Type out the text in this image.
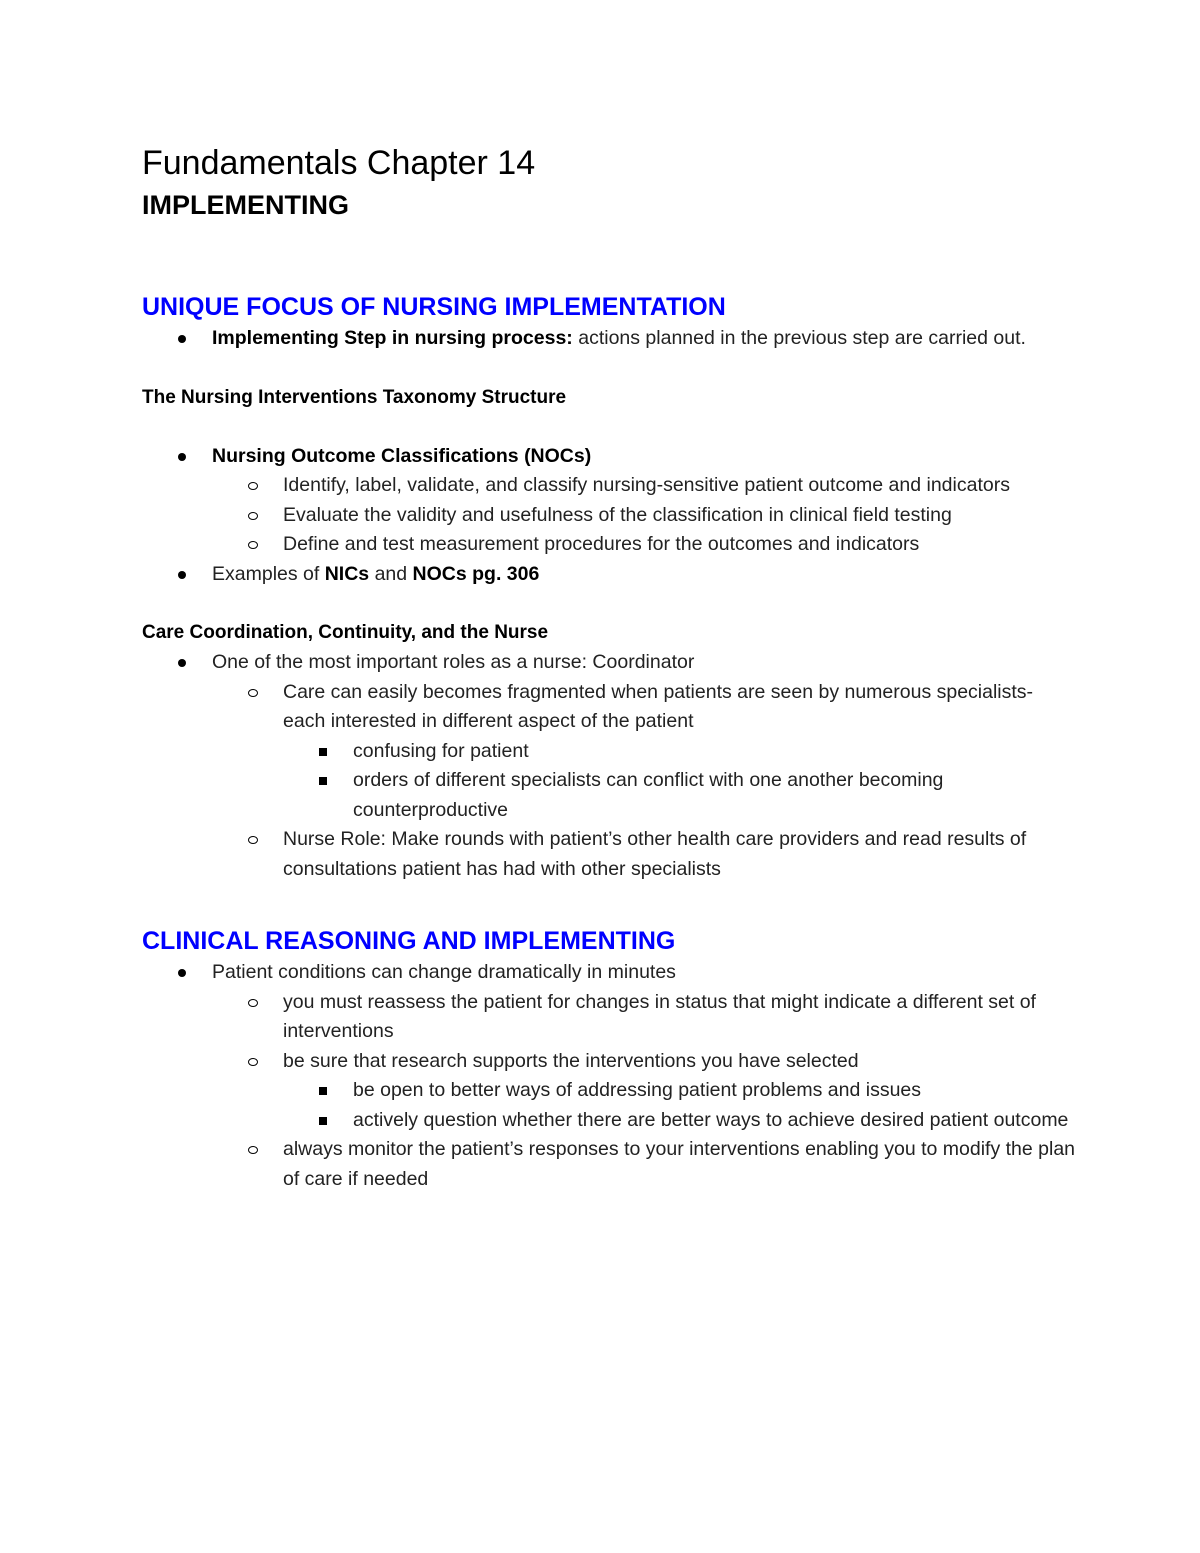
Fundamentals Chapter 14
IMPLEMENTING
UNIQUE FOCUS OF NURSING IMPLEMENTATION
Implementing Step in nursing process: actions planned in the previous step are carried out.
The Nursing Interventions Taxonomy Structure
Nursing Outcome Classifications (NOCs)
Identify, label, validate, and classify nursing-sensitive patient outcome and indicators
Evaluate the validity and usefulness of the classification in clinical field testing
Define and test measurement procedures for the outcomes and indicators
Examples of NICs and NOCs pg. 306
Care Coordination, Continuity, and the Nurse
One of the most important roles as a nurse: Coordinator
Care can easily becomes fragmented when patients are seen by numerous specialists- each interested in different aspect of the patient
confusing for patient
orders of different specialists can conflict with one another becoming counterproductive
Nurse Role: Make rounds with patient’s other health care providers and read results of consultations patient has had with other specialists
CLINICAL REASONING AND IMPLEMENTING
Patient conditions can change dramatically in minutes
you must reassess the patient for changes in status that might indicate a different set of interventions
be sure that research supports the interventions you have selected
be open to better ways of addressing patient problems and issues
actively question whether there are better ways to achieve desired patient outcome
always monitor the patient’s responses to your interventions enabling you to modify the plan of care if needed
